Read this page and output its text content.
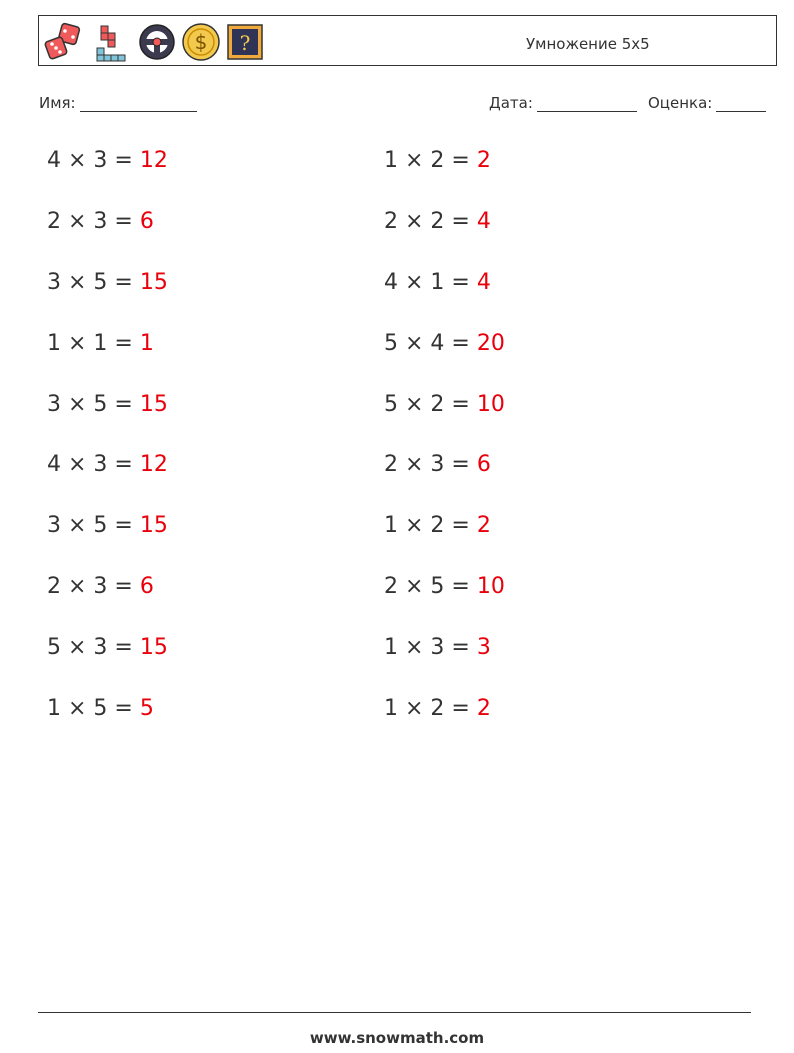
$ ?	Умножение 5x5
Имя:	Дата:	Оценка:
4 × 3 = 12
2 × 3 = 6
3 × 5 = 15
1 × 1 = 1
3 × 5 = 15
4 × 3 = 12
3 × 5 = 15
2 × 3 = 6
5 × 3 = 15
1 × 5 = 5
1 × 2 = 2
2 × 2 = 4
4 × 1 = 4
5 × 4 = 20
5 × 2 = 10
2 × 3 = 6
1 × 2 = 2
2 × 5 = 10
1 × 3 = 3
1 × 2 = 2
www.snowmath.com
